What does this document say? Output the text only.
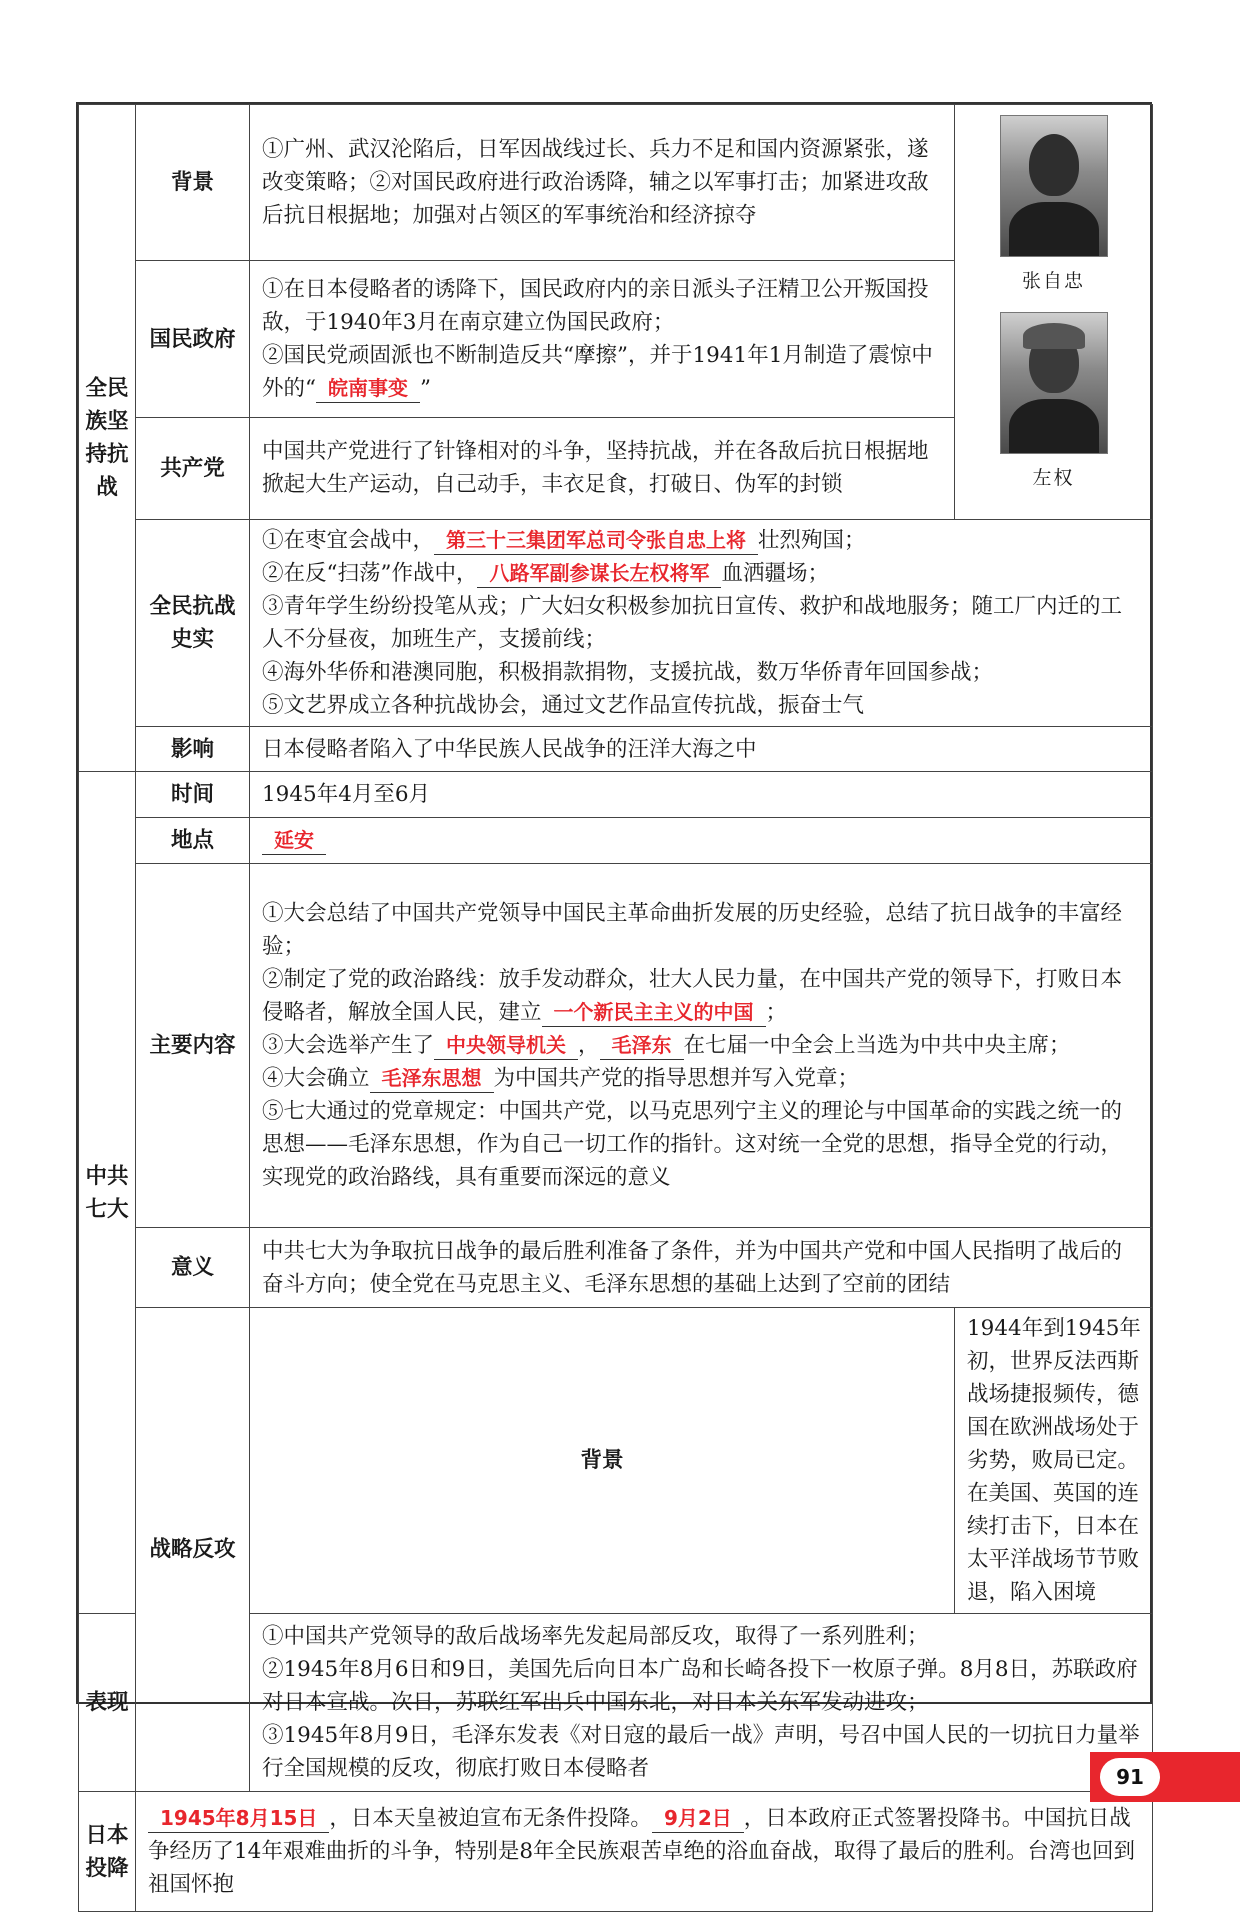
全民族坚持抗战	背景	①广州、武汉沦陷后，日军因战线过长、兵力不足和国内资源紧张，遂改变策略；②对国民政府进行政治诱降，辅之以军事打击；加紧进攻敌后抗日根据地；加强对占领区的军事统治和经济掠夺	张自忠
左权

	国民政府	①在日本侵略者的诱降下，国民政府内的亲日派头子汪精卫公开叛国投敌，于1940年3月在南京建立伪国民政府；

②国民党顽固派也不断制造反共“摩擦”，并于1941年1月制造了震惊中外的“ 皖南事变 ”	

	共产党	中国共产党进行了针锋相对的斗争，坚持抗战，并在各敌后抗日根据地掀起大生产运动，自己动手，丰衣足食，打破日、伪军的封锁	
	全民抗战史实	①在枣宜会战中， 第三十三集团军总司令张自忠上将 壮烈殉国；

②在反“扫荡”作战中， 八路军副参谋长左权将军 血洒疆场；

③青年学生纷纷投笔从戎；广大妇女积极参加抗日宣传、救护和战地服务；随工厂内迁的工人不分昼夜，加班生产，支援前线；

④海外华侨和港澳同胞，积极捐款捐物，支援抗战，数万华侨青年回国参战；

⑤文艺界成立各种抗战协会，通过文艺作品宣传抗战，振奋士气	

	影响	日本侵略者陷入了中华民族人民战争的汪洋大海之中	
中共七大	时间	1945年4月至6月	
	地点	延安	
	主要内容	①大会总结了中国共产党领导中国民主革命曲折发展的历史经验，总结了抗日战争的丰富经验；

②制定了党的政治路线：放手发动群众，壮大人民力量，在中国共产党的领导下，打败日本侵略者，解放全国人民，建立 一个新民主主义的中国 ；

③大会选举产生了 中央领导机关 ， 毛泽东 在七届一中全会上当选为中共中央主席；

④大会确立 毛泽东思想 为中国共产党的指导思想并写入党章；

⑤七大通过的党章规定：中国共产党，以马克思列宁主义的理论与中国革命的实践之统一的思想——毛泽东思想，作为自己一切工作的指针。这对统一全党的思想，指导全党的行动，实现党的政治路线，具有重要而深远的意义	

	意义	中共七大为争取抗日战争的最后胜利准备了条件，并为中国共产党和中国人民指明了战后的奋斗方向；使全党在马克思主义、毛泽东思想的基础上达到了空前的团结	
	战略反攻	背景	1944年到1945年初，世界反法西斯战场捷报频传，德国在欧洲战场处于劣势，败局已定。在美国、英国的连续打击下，日本在太平洋战场节节败退，陷入困境
表现		①中国共产党领导的敌后战场率先发起局部反攻，取得了一系列胜利；

②1945年8月6日和9日，美国先后向日本广岛和长崎各投下一枚原子弹。8月8日，苏联政府对日本宣战。次日，苏联红军出兵中国东北，对日本关东军发动进攻；

③1945年8月9日，毛泽东发表《对日寇的最后一战》声明，号召中国人民的一切抗日力量举行全国规模的反攻，彻底打败日本侵略者	

日本投降	1945年8月15日 ，日本天皇被迫宣布无条件投降。 9月2日 ，日本政府正式签署投降书。中国抗日战争经历了14年艰难曲折的斗争，特别是8年全民族艰苦卓绝的浴血奋战，取得了最后的胜利。台湾也回到祖国怀抱		
91
